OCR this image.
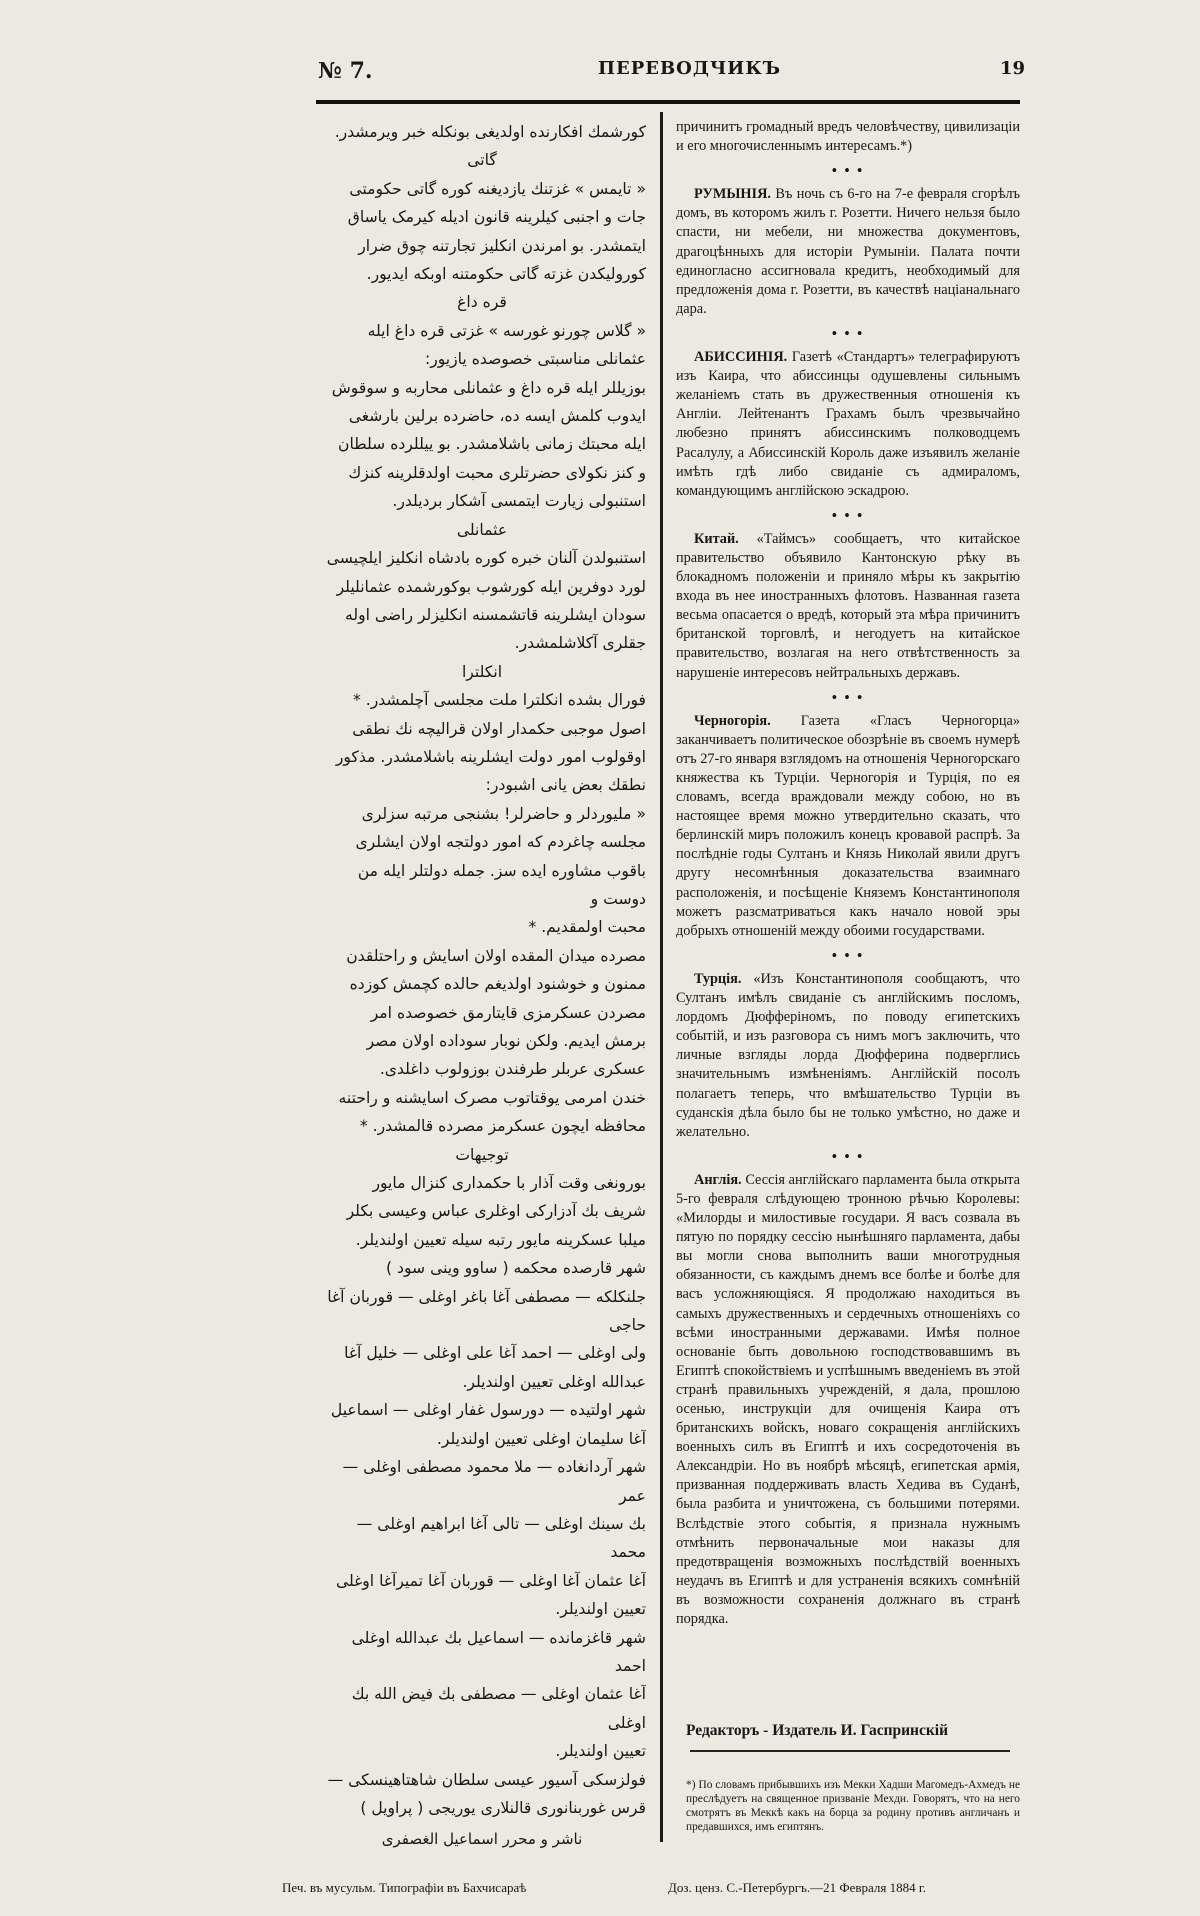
№ 7.	ПЕРЕВОДЧИКЪ	19

کورشمك افکارنده اولدیغی بونکله خبر ویرمشدر.

گاتی

« تایمس » غزتنك یازدیغنه کوره گاتی حکومتی

جات و اجنبی کیلرینه قانون ادیله کیرمک یاساق

ایتمشدر. بو امرندن انکلیز تجارتنه چوق ضرار

کورولیکدن غزته گاتی حکومتنه اوبکه ایدیور.

قره داغ

« گلاس چورنو غورسه » غزتی قره داغ ایله

عثمانلی مناسبتی خصوصده یازیور:

بوزیللر ایله قره داغ و عثمانلی محاربه و سوقوش

ایدوب کلمش ایسه ده، حاضرده برلین بارشغی

ایله محبتك زمانی باشلامشدر. بو ییللرده سلطان

و کنز نکولای حضرتلری محبت اولدقلرینه کنزك

استنبولی زیارت ایتمسی آشکار بردیلدر.

عثمانلی

استنبولدن آلنان خبره کوره بادشاه انکلیز ایلچیسی

لورد دوفرین ایله کورشوب بوکورشمده عثمانلیلر

سودان ایشلرینه قاتشمسنه انکلیزلر راضی اوله

جقلری آکلاشلمشدر.

انکلترا

فورال بشده انکلترا ملت مجلسی آچلمشدر. *

اصول موجبی حکمدار اولان قرالیچه نك نطقی

اوقولوب امور دولت ایشلرینه باشلامشدر. مذکور

نطقك بعض یانی اشبودر:

« ملیوردلر و حاضرلر! بشنجی مرتبه سزلری

مجلسه چاغردم که امور دولتجه اولان ایشلری

باقوب مشاوره ایده سز. جمله دولتلر ایله من دوست و

محبت اولمقدیم. *

مصرده میدان المقده اولان اسایش و راحتلقدن

ممنون و خوشنود اولدیغم حالده کچمش کوزده

مصردن عسکرمزی قایتارمق خصوصده امر

برمش ایدیم. ولکن نوبار سوداده اولان مصر

عسکری عربلر طرفندن بوزولوب داغلدی.

خندن امرمی یوقتاتوب مصرک اسایشنه و راحتنه

محافظه ایچون عسکرمز مصرده قالمشدر. *

توجیهات

بورونغی وقت آذار با حکمداری کنزال مایور

شریف بك آدزارکی اوغلری عباس وعیسی بکلر

میلبا عسکرینه مایور رتبه سیله تعیین اولندیلر.

شهر قارصده محکمه ( ساوو وینی سود )

جلنکلکه — مصطفی آغا باغر اوغلی — قوربان آغا حاجی

ولی اوغلی — احمد آغا علی اوغلی — خلیل آغا

عبدالله اوغلی تعیین اولندیلر.

شهر اولتیده — دورسول غفار اوغلی — اسماعیل

آغا سلیمان اوغلی تعیین اولندیلر.

شهر آردانغاده — ملا محمود مصطفی اوغلی — عمر

بك سینك اوغلی — تالی آغا ابراهیم اوغلی — محمد

آغا عثمان آغا اوغلی — قوربان آغا تمیرآغا اوغلی

تعیین اولندیلر.

شهر قاغزمانده — اسماعیل بك عبدالله اوغلی احمد

آغا عثمان اوغلی — مصطفی بك فیض الله بك اوغلی

تعیین اولندیلر.

فولزسکی آسیور عیسی سلطان شاهتاهینسکی —

قرس غوربنانوری قالنلاری یوریجی ( پراویل )

причинитъ громадный вредъ человѣчеству, цивилизаціи и его многочисленнымъ интересамъ.*)

• • •

РУМЫНІЯ. Въ ночь съ 6-го на 7-е февраля сгорѣлъ домъ, въ которомъ жилъ г. Розетти. Ничего нельзя было спасти, ни мебели, ни множества документовъ, драгоцѣнныхъ для исторіи Румыніи. Палата почти единогласно ассигновала кредитъ, необходимый для предложенія дома г. Розетти, въ качествѣ націанальнаго дара.

• • •

АБИССИНІЯ. Газетѣ «Стандартъ» телеграфируютъ изъ Каира, что абиссинцы одушевлены сильнымъ желаніемъ стать въ дружественныя отношенія къ Англіи. Лейтенантъ Грахамъ былъ чрезвычайно любезно принятъ абиссинскимъ полководцемъ Расалулу, а Абиссинскій Король даже изъявилъ желаніе имѣть гдѣ либо свиданіе съ адмираломъ, командующимъ англійскою эскадрою.

• • •

Китай. «Таймсъ» сообщаетъ, что китайское правительство объявило Кантонскую рѣку въ блокадномъ положеніи и приняло мѣры къ закрытію входа въ нее иностранныхъ флотовъ. Названная газета весьма опасается о вредѣ, который эта мѣра причинитъ британской торговлѣ, и негодуетъ на китайское правительство, возлагая на него отвѣтственность за нарушеніе интересовъ нейтральныхъ державъ.

• • •

Черногорія. Газета «Гласъ Черногорца» заканчиваетъ политическое обозрѣніе въ своемъ нумерѣ отъ 27-го января взглядомъ на отношенія Черногорскаго княжества къ Турціи. Черногорія и Турція, по ея словамъ, всегда враждовали между собою, но въ настоящее время можно утвердительно сказать, что берлинскій миръ положилъ конецъ кровавой распрѣ. За послѣдніе годы Султанъ и Князь Николай явили другъ другу несомнѣнныя доказательства взаимнаго расположенія, и посѣщеніе Княземъ Константинополя можетъ разсматриваться какъ начало новой эры добрыхъ отношеній между обоими государствами.

• • •

Турція. «Изъ Константинополя сообщаютъ, что Султанъ имѣлъ свиданіе съ англійскимъ посломъ, лордомъ Дюфферіномъ, по поводу египетскихъ событій, и изъ разговора съ нимъ могъ заключить, что личные взгляды лорда Дюфферина подверглись значительнымъ измѣненіямъ. Англійскій посолъ полагаетъ теперь, что вмѣшательство Турціи въ суданскія дѣла было бы не только умѣстно, но даже и желательно.

• • •

Англія. Сессія англійскаго парламента была открыта 5-го февраля слѣдующею тронною рѣчью Королевы: «Милорды и милостивые государи. Я васъ созвала въ пятую по порядку сессію нынѣшняго парламента, дабы вы могли снова выполнить ваши многотрудныя обязанности, съ каждымъ днемъ все болѣе и болѣе для васъ усложняющіяся. Я продолжаю находиться въ самыхъ дружественныхъ и сердечныхъ отношеніяхъ со всѣми иностранными державами. Имѣя полное основаніе быть довольною господствовавшимъ въ Египтѣ спокойствіемъ и успѣшнымъ введеніемъ въ этой странѣ правильныхъ учрежденій, я дала, прошлою осенью, инструкціи для очищенія Каира отъ британскихъ войскъ, новаго сокращенія англійскихъ военныхъ силъ въ Египтѣ и ихъ сосредоточенія въ Александріи. Но въ ноябрѣ мѣсяцѣ, египетская армія, призванная поддерживать власть Хедива въ Суданѣ, была разбита и уничтожена, съ большими потерями. Вслѣдствіе этого событія, я признала нужнымъ отмѣнить первоначальные мои наказы для предотвращенія возможныхъ послѣдствій военныхъ неудачъ въ Египтѣ и для устраненія всякихъ сомнѣній въ возможности сохраненія должнаго въ странѣ порядка.

Редакторъ - Издатель И. Гаспринскій
*) По словамъ прибывшихъ изъ Мекки Хадши Магомедъ-Ахмедъ не преслѣдуетъ на священное призваніе Мехди. Говорятъ, что на него смотрятъ въ Меккѣ какъ на борца за родину противъ англичанъ и предавшихся, имъ египтянъ.
ناشر و محرر اسماعیل الغصفری
Печ. въ мусульм. Типографіи въ Бахчисараѣ	Доз. ценз. С.-Петербургъ.—21 Февраля 1884 г.
